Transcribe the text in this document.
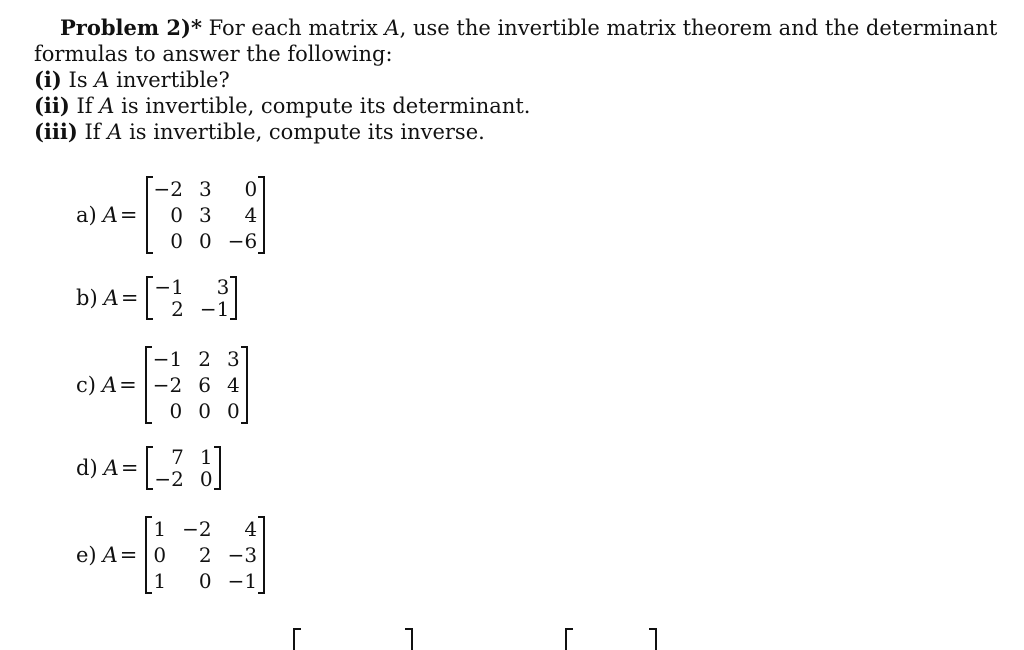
Problem 2)* For each matrix A, use the invertible matrix theorem and the determinant formulas to answer the following:

(i) Is A invertible?

(ii) If A is invertible, compute its determinant.

(iii) If A is invertible, compute its inverse.

a) A =
−2 3	0
0 3	4
0 0 −6
b) A = −1	3
2 −1
c) A =
−1 2 3
−2 6 4
0 0 0
d) A =	7 1
−2 0
e) A =
1 −2	4
0	2 −3
1	0 −1
